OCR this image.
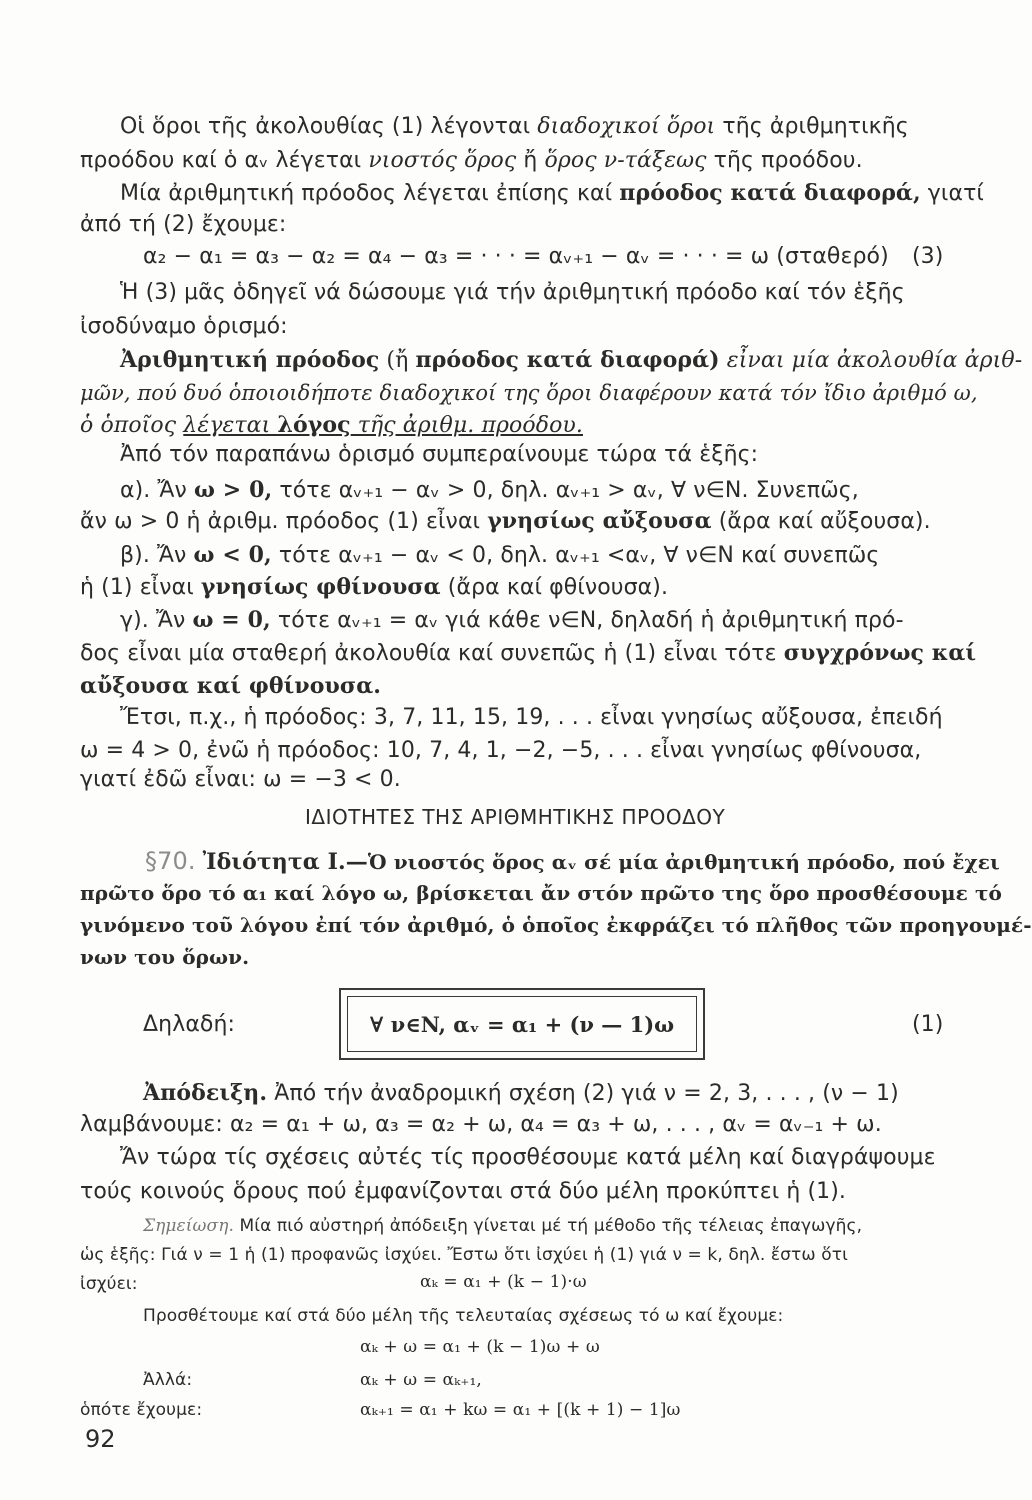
Οἱ ὅροι τῆς ἀκολουθίας (1) λέγονται διαδοχικοί ὅροι τῆς ἀριθμητικῆς
προόδου καί ὁ αᵥ λέγεται νιοστός ὅρος ἤ ὅρος ν-τάξεως τῆς προόδου.
Μία ἀριθμητική πρόοδος λέγεται ἐπίσης καί πρόοδος κατά διαφορά, γιατί
ἀπό τή (2) ἔχουμε:
α₂ − α₁ = α₃ − α₂ = α₄ − α₃ = · · · = αᵥ₊₁ − αᵥ = · · · = ω (σταθερό) (3)
Ἡ (3) μᾶς ὁδηγεῖ νά δώσουμε γιά τήν ἀριθμητική πρόοδο καί τόν ἑξῆς
ἰσοδύναμο ὁρισμό:
Ἀριθμητική πρόοδος (ἤ πρόοδος κατά διαφορά) εἶναι μία ἀκολουθία ἀριθ-
μῶν, πού δυό ὁποιοιδήποτε διαδοχικοί της ὅροι διαφέρουν κατά τόν ἴδιο ἀριθμό ω,
ὁ ὁποῖος λέγεται λόγος τῆς ἀριθμ. προόδου.
Ἀπό τόν παραπάνω ὁρισμό συμπεραίνουμε τώρα τά ἑξῆς:
α). Ἄν ω > 0, τότε αᵥ₊₁ − αᵥ > 0, δηλ. αᵥ₊₁ > αᵥ, ∀ ν∈N. Συνεπῶς,
ἄν ω > 0 ἡ ἀριθμ. πρόοδος (1) εἶναι γνησίως αὔξουσα (ἄρα καί αὔξουσα).
β). Ἄν ω < 0, τότε αᵥ₊₁ − αᵥ < 0, δηλ. αᵥ₊₁ <αᵥ, ∀ ν∈N καί συνεπῶς
ἡ (1) εἶναι γνησίως φθίνουσα (ἄρα καί φθίνουσα).
γ). Ἄν ω = 0, τότε αᵥ₊₁ = αᵥ γιά κάθε ν∈N, δηλαδή ἡ ἀριθμητική πρό-
δος εἶναι μία σταθερή ἀκολουθία καί συνεπῶς ἡ (1) εἶναι τότε συγχρόνως καί
αὔξουσα καί φθίνουσα.
Ἔτσι, π.χ., ἡ πρόοδος: 3, 7, 11, 15, 19, . . . εἶναι γνησίως αὔξουσα, ἐπειδή
ω = 4 > 0, ἐνῶ ἡ πρόοδος: 10, 7, 4, 1, −2, −5, . . . εἶναι γνησίως φθίνουσα,
γιατί ἐδῶ εἶναι: ω = −3 < 0.
ΙΔΙΟΤΗΤΕΣ ΤΗΣ ΑΡΙΘΜΗΤΙΚΗΣ ΠΡΟΟΔΟΥ
§70. Ἰδιότητα Ι.—Ὁ νιοστός ὅρος αᵥ σέ μία ἀριθμητική πρόοδο, πού ἔχει
πρῶτο ὅρο τό α₁ καί λόγο ω, βρίσκεται ἄν στόν πρῶτο της ὅρο προσθέσουμε τό
γινόμενο τοῦ λόγου ἐπί τόν ἀριθμό, ὁ ὁποῖος ἐκφράζει τό πλῆθος τῶν προηγουμέ-
νων του ὅρων.
Δηλαδή:	∀ ν∈N, αᵥ = α₁ + (ν — 1)ω	(1)
Ἀπόδειξη. Ἀπό τήν ἀναδρομική σχέση (2) γιά ν = 2, 3, . . . , (ν − 1)
λαμβάνουμε: α₂ = α₁ + ω, α₃ = α₂ + ω, α₄ = α₃ + ω, . . . , αᵥ = αᵥ₋₁ + ω.
Ἄν τώρα τίς σχέσεις αὐτές τίς προσθέσουμε κατά μέλη καί διαγράψουμε
τούς κοινούς ὅρους πού ἐμφανίζονται στά δύο μέλη προκύπτει ἡ (1).
Σημείωση. Μία πιό αὐστηρή ἀπόδειξη γίνεται μέ τή μέθοδο τῆς τέλειας ἐπαγωγῆς,
ὡς ἑξῆς: Γιά ν = 1 ἡ (1) προφανῶς ἰσχύει. Ἔστω ὅτι ἰσχύει ἡ (1) γιά ν = k, δηλ. ἔστω ὅτι
ἰσχύει:	αₖ = α₁ + (k − 1)·ω
Προσθέτουμε καί στά δύο μέλη τῆς τελευταίας σχέσεως τό ω καί ἔχουμε:
αₖ + ω = α₁ + (k − 1)ω + ω
Ἀλλά:	αₖ + ω = αₖ₊₁,
ὁπότε ἔχουμε:	αₖ₊₁ = α₁ + kω = α₁ + [(k + 1) − 1]ω
92
